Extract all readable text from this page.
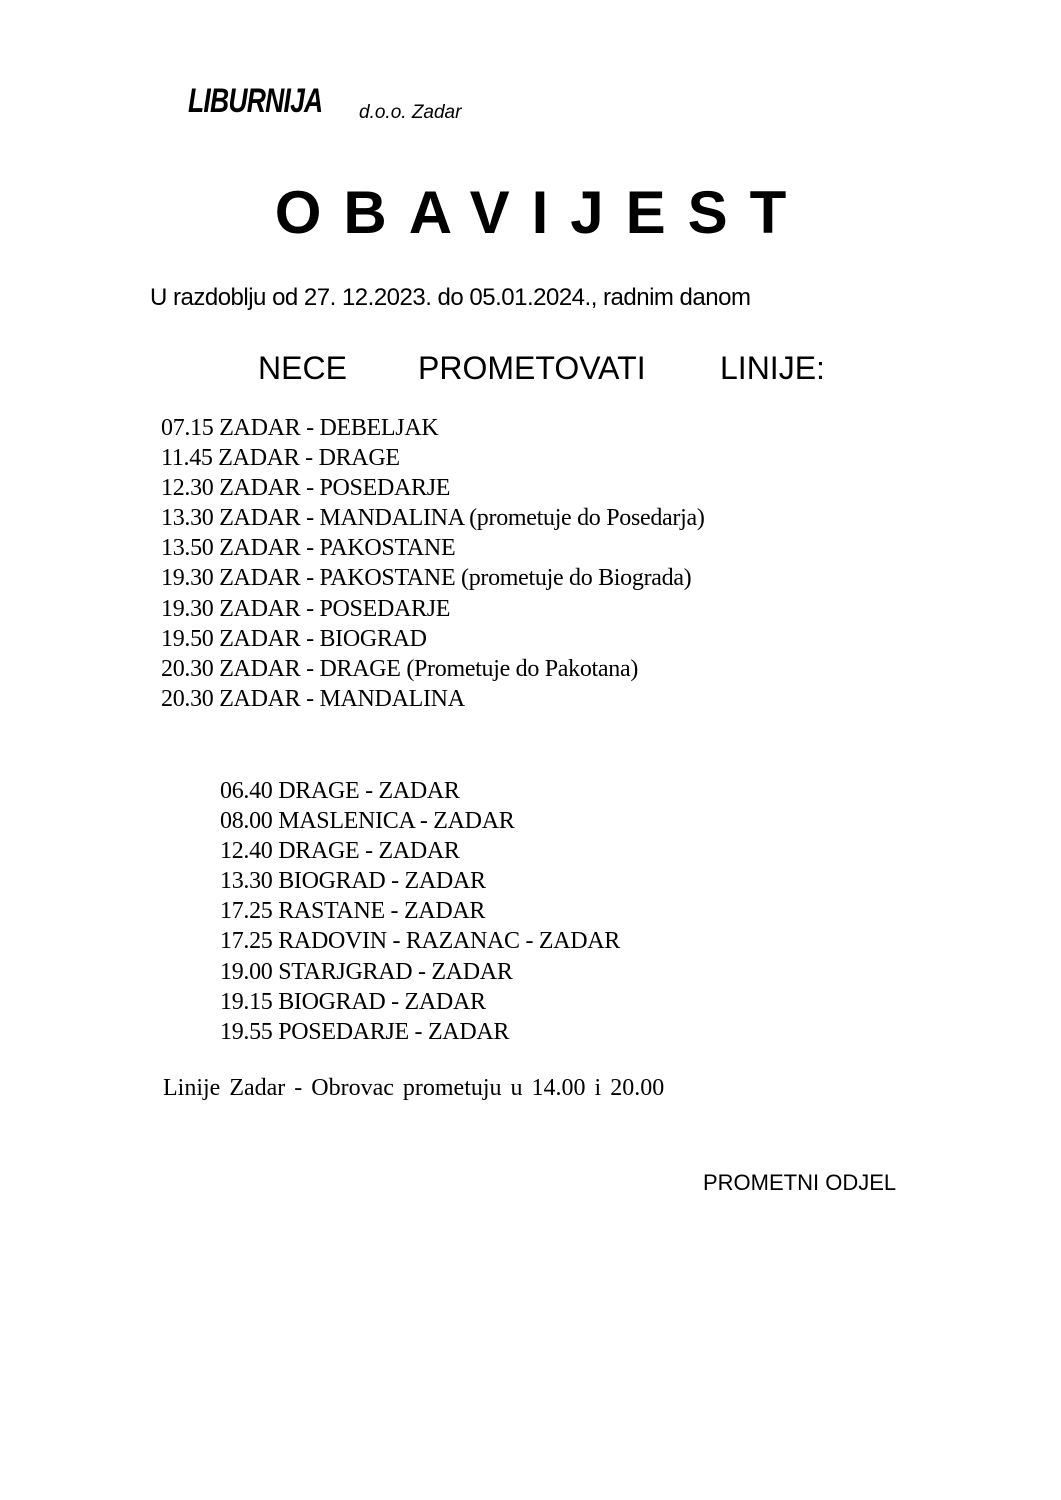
LIBURNIJA d.o.o. Zadar
OBAVIJEST
U razdoblju od 27. 12.2023. do 05.01.2024., radnim danom
NECE PROMETOVATI LINIJE:
07.15 ZADAR - DEBELJAK
11.45 ZADAR - DRAGE
12.30 ZADAR - POSEDARJE
13.30 ZADAR - MANDALINA (prometuje do Posedarja)
13.50 ZADAR - PAKOSTANE
19.30 ZADAR - PAKOSTANE (prometuje do Biograda)
19.30 ZADAR - POSEDARJE
19.50 ZADAR - BIOGRAD
20.30 ZADAR - DRAGE (Prometuje do Pakotana)
20.30 ZADAR - MANDALINA
06.40 DRAGE - ZADAR
08.00 MASLENICA - ZADAR
12.40 DRAGE - ZADAR
13.30 BIOGRAD - ZADAR
17.25 RASTANE - ZADAR
17.25 RADOVIN - RAZANAC - ZADAR
19.00 STARJGRAD - ZADAR
19.15 BIOGRAD - ZADAR
19.55 POSEDARJE - ZADAR
Linije Zadar - Obrovac prometuju u 14.00 i 20.00
PROMETNI ODJEL
